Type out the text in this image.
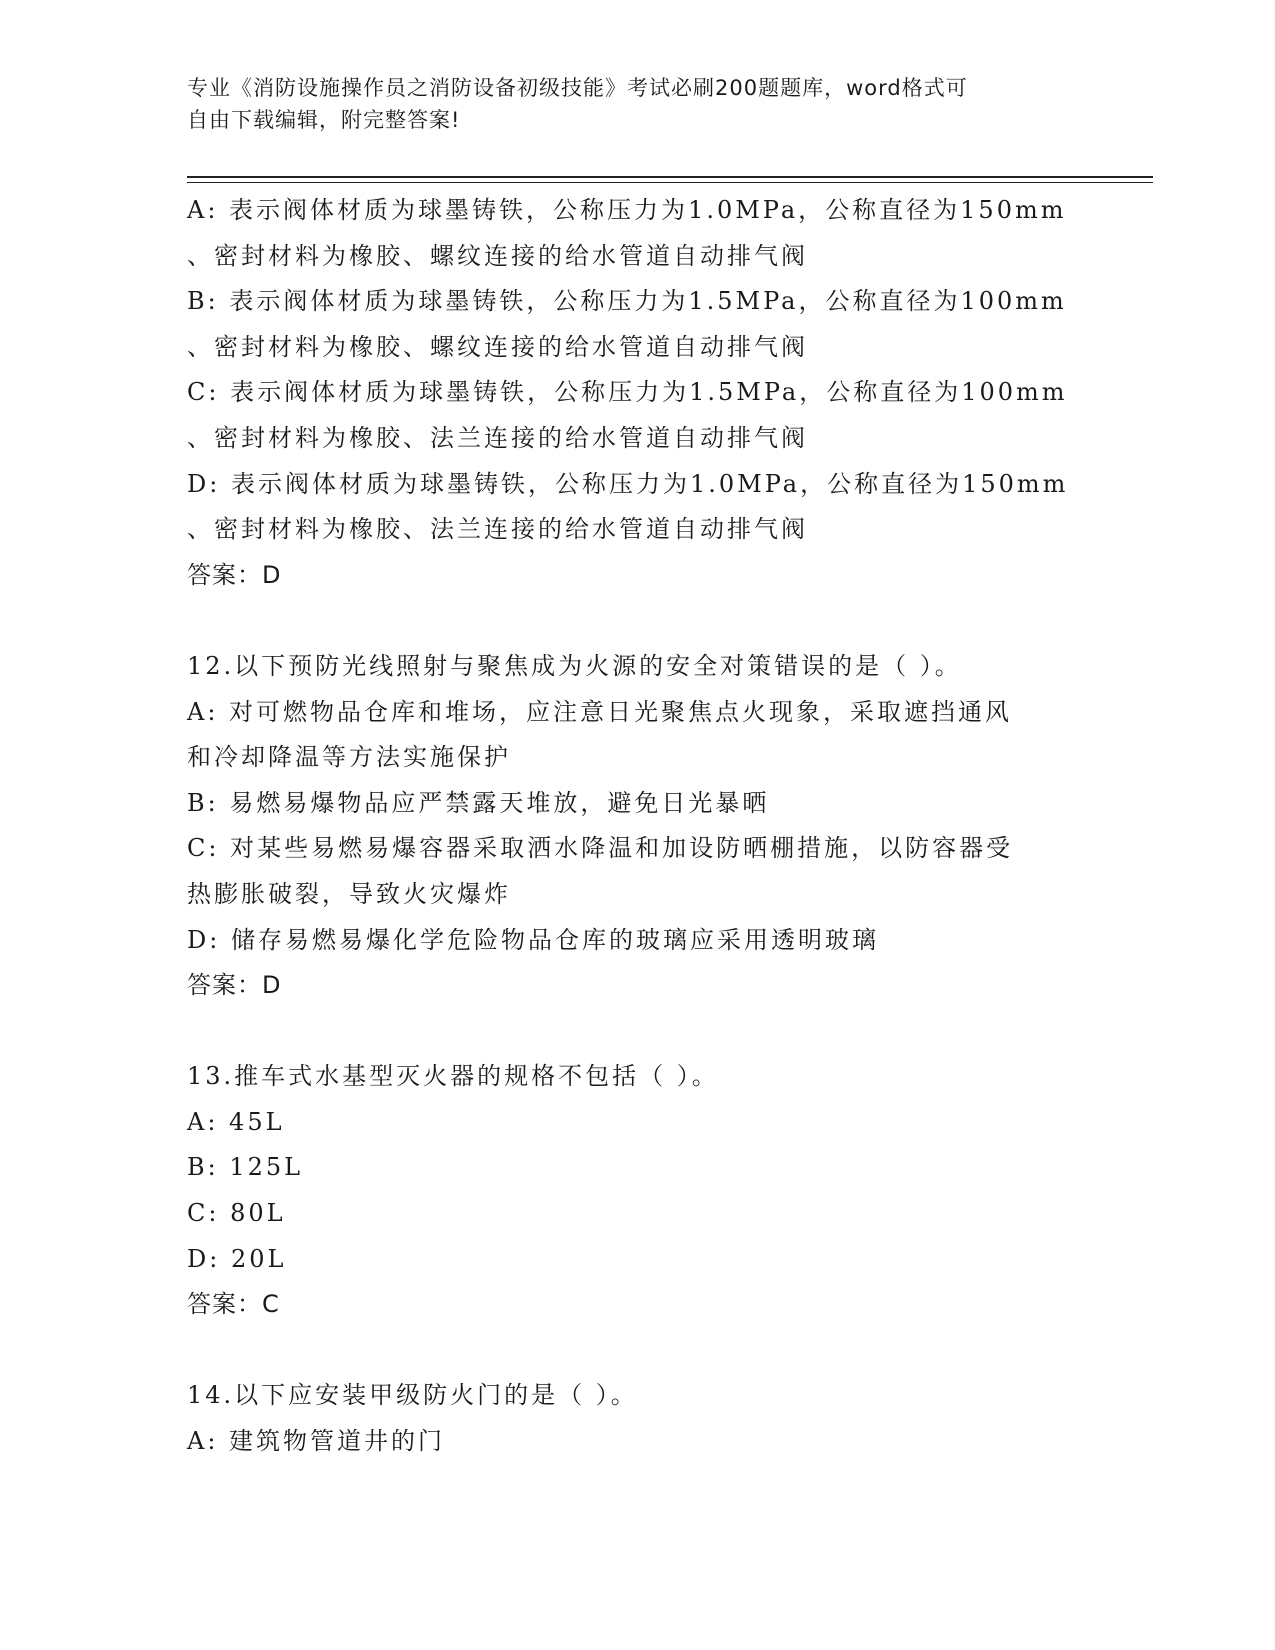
专业《消防设施操作员之消防设备初级技能》考试必刷200题题库，word格式可
自由下载编辑，附完整答案!
A: 表示阀体材质为球墨铸铁，公称压力为1.0MPa，公称直径为150mm
、密封材料为橡胶、螺纹连接的给水管道自动排气阀
B: 表示阀体材质为球墨铸铁，公称压力为1.5MPa，公称直径为100mm
、密封材料为橡胶、螺纹连接的给水管道自动排气阀
C: 表示阀体材质为球墨铸铁，公称压力为1.5MPa，公称直径为100mm
、密封材料为橡胶、法兰连接的给水管道自动排气阀
D: 表示阀体材质为球墨铸铁，公称压力为1.0MPa，公称直径为150mm
、密封材料为橡胶、法兰连接的给水管道自动排气阀
答案：D
12.以下预防光线照射与聚焦成为火源的安全对策错误的是（ ）。
A: 对可燃物品仓库和堆场，应注意日光聚焦点火现象，采取遮挡通风
和冷却降温等方法实施保护
B: 易燃易爆物品应严禁露天堆放，避免日光暴晒
C: 对某些易燃易爆容器采取洒水降温和加设防晒棚措施，以防容器受
热膨胀破裂，导致火灾爆炸
D: 储存易燃易爆化学危险物品仓库的玻璃应采用透明玻璃
答案：D
13.推车式水基型灭火器的规格不包括（ ）。
A: 45L
B: 125L
C: 80L
D: 20L
答案：C
14.以下应安装甲级防火门的是（ ）。
A: 建筑物管道井的门
